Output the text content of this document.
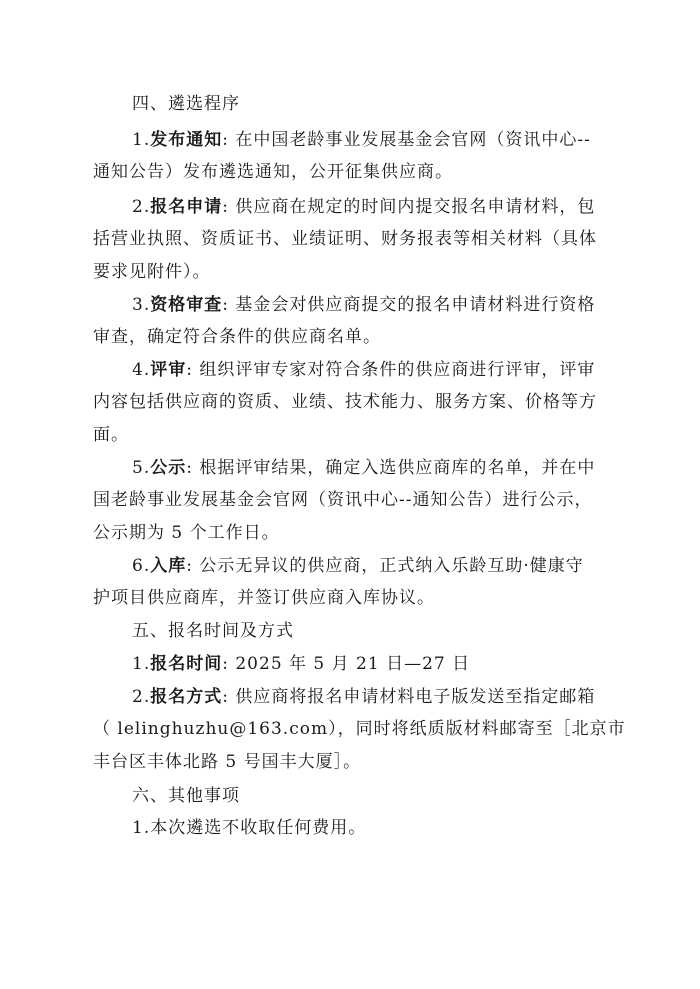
四、遴选程序
1.发布通知: 在中国老龄事业发展基金会官网（资讯中心--
通知公告）发布遴选通知，公开征集供应商。
2.报名申请: 供应商在规定的时间内提交报名申请材料，包
括营业执照、资质证书、业绩证明、财务报表等相关材料（具体
要求见附件）。
3.资格审查: 基金会对供应商提交的报名申请材料进行资格
审查，确定符合条件的供应商名单。
4.评审: 组织评审专家对符合条件的供应商进行评审，评审
内容包括供应商的资质、业绩、技术能力、服务方案、价格等方
面。
5.公示: 根据评审结果，确定入选供应商库的名单，并在中
国老龄事业发展基金会官网（资讯中心--通知公告）进行公示，
公示期为 5 个工作日。
6.入库: 公示无异议的供应商，正式纳入乐龄互助·健康守
护项目供应商库，并签订供应商入库协议。
五、报名时间及方式
1.报名时间: 2025 年 5 月 21 日—27 日
2.报名方式: 供应商将报名申请材料电子版发送至指定邮箱
（ lelinghuzhu@163.com），同时将纸质版材料邮寄至［北京市
丰台区丰体北路 5 号国丰大厦］。
六、其他事项
1.本次遴选不收取任何费用。
